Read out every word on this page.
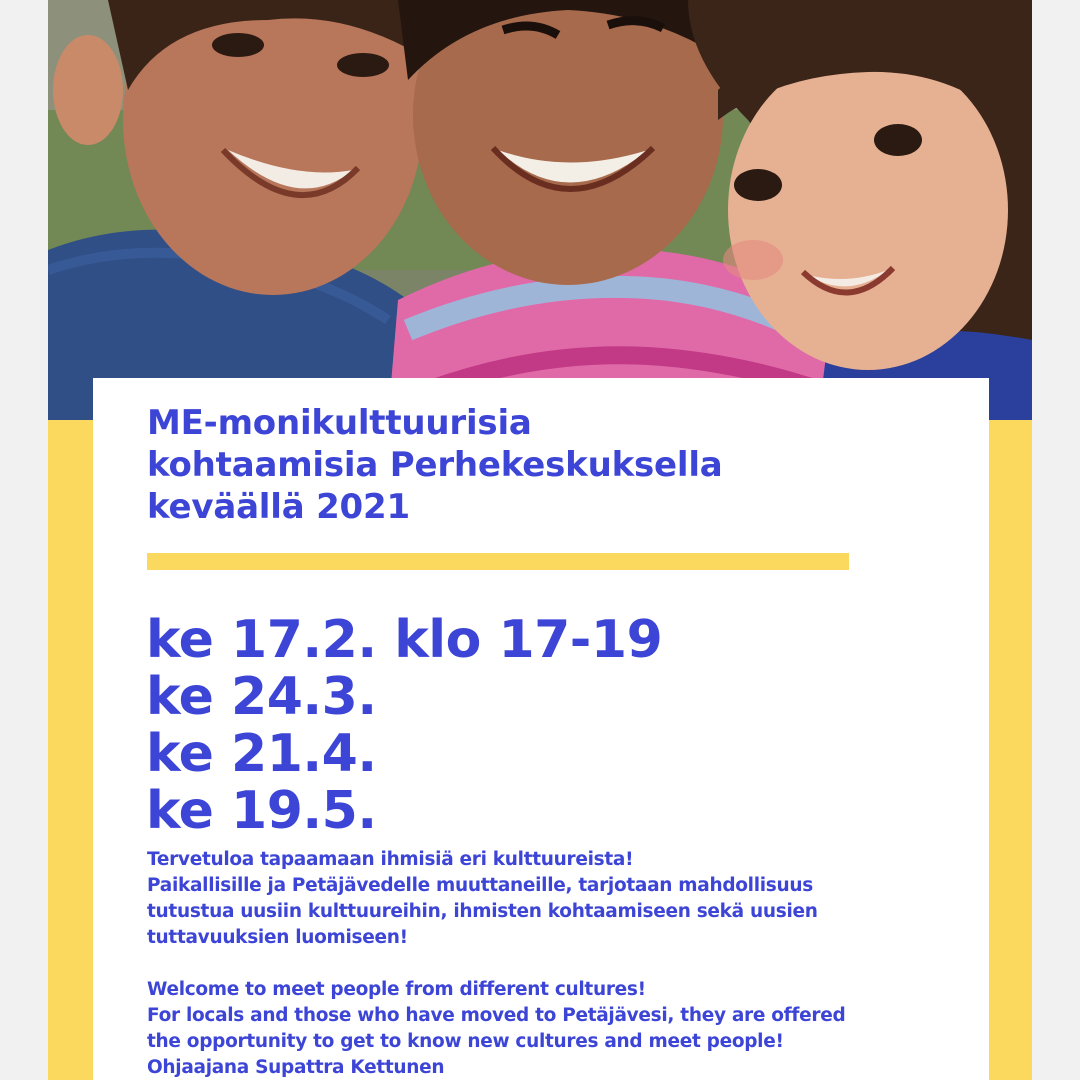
ME-monikulttuurisia
kohtaamisia Perhekeskuksella
keväällä 2021
ke 17.2. klo 17-19
ke 24.3.
ke 21.4.
ke 19.5.

Tervetuloa tapaamaan ihmisiä eri kulttuureista!

Paikallisille ja Petäjävedelle muuttaneille, tarjotaan mahdollisuus

tutustua uusiin kulttuureihin, ihmisten kohtaamiseen sekä uusien

tuttavuuksien luomiseen!

Welcome to meet people from different cultures!

For locals and those who have moved to Petäjävesi, they are offered

the opportunity to get to know new cultures and meet people!

Ohjaajana Supattra Kettunen
